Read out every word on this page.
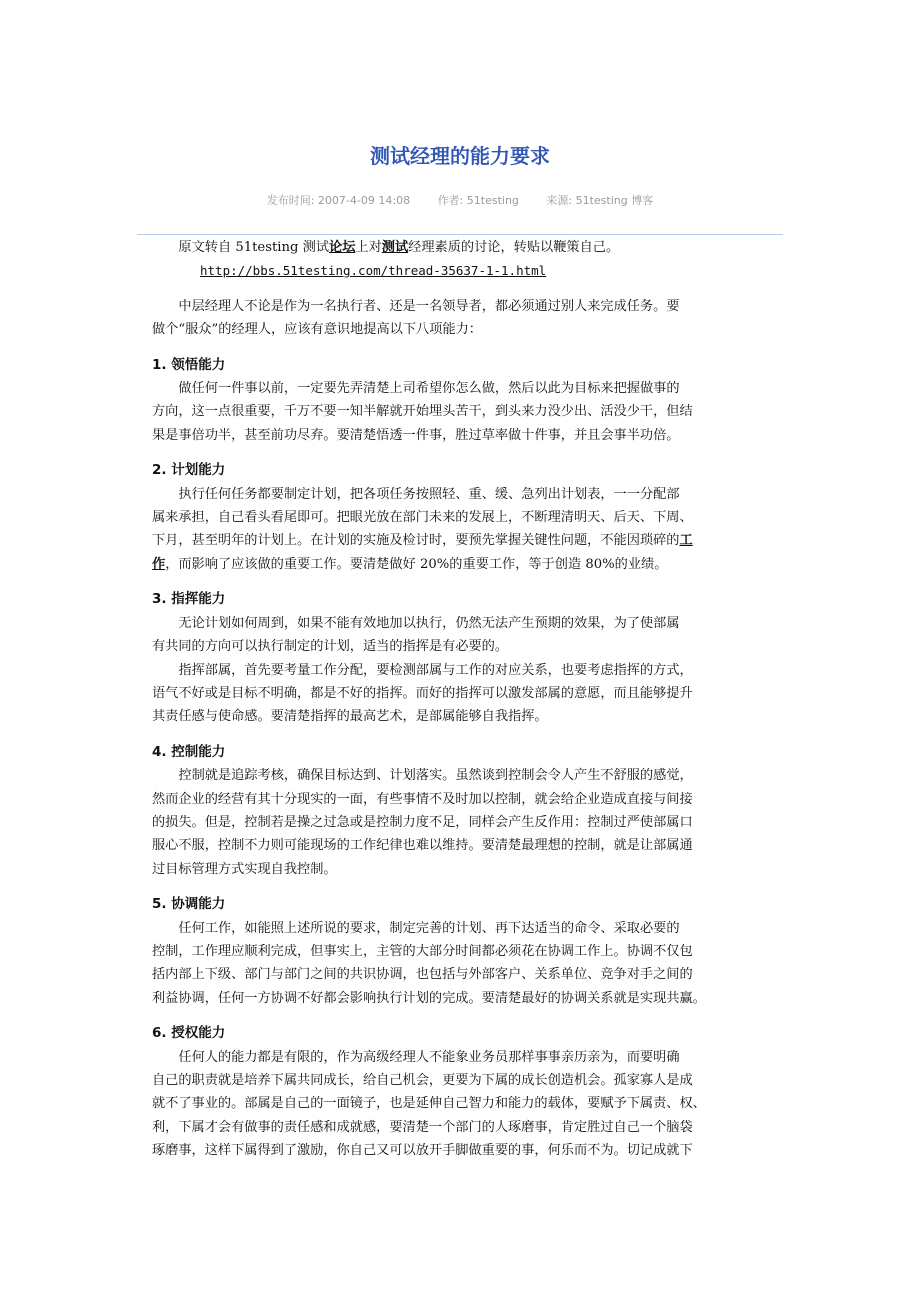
测试经理的能力要求
发布时间: 2007-4-09 14:08	作者: 51testing	来源: 51testing 博客

原文转自 51testing 测试论坛上对测试经理素质的讨论，转贴以鞭策自己。

http://bbs.51testing.com/thread-35637-1-1.html

中层经理人不论是作为一名执行者、还是一名领导者，都必须通过别人来完成任务。要

做个“服众”的经理人，应该有意识地提高以下八项能力：

1. 领悟能力

做任何一件事以前，一定要先弄清楚上司希望你怎么做，然后以此为目标来把握做事的
方向，这一点很重要，千万不要一知半解就开始埋头苦干，到头来力没少出、活没少干，但结
果是事倍功半，甚至前功尽弃。要清楚悟透一件事，胜过草率做十件事，并且会事半功倍。

2. 计划能力

执行任何任务都要制定计划，把各项任务按照轻、重、缓、急列出计划表，一一分配部
属来承担，自己看头看尾即可。把眼光放在部门未来的发展上，不断理清明天、后天、下周、
下月，甚至明年的计划上。在计划的实施及检讨时，要预先掌握关键性问题，不能因琐碎的工
作，而影响了应该做的重要工作。要清楚做好 20%的重要工作，等于创造 80%的业绩。

3. 指挥能力

无论计划如何周到，如果不能有效地加以执行，仍然无法产生预期的效果，为了使部属
有共同的方向可以执行制定的计划，适当的指挥是有必要的。
指挥部属，首先要考量工作分配，要检测部属与工作的对应关系，也要考虑指挥的方式，
语气不好或是目标不明确，都是不好的指挥。而好的指挥可以激发部属的意愿，而且能够提升
其责任感与使命感。要清楚指挥的最高艺术，是部属能够自我指挥。

4. 控制能力

控制就是追踪考核，确保目标达到、计划落实。虽然谈到控制会令人产生不舒服的感觉，
然而企业的经营有其十分现实的一面，有些事情不及时加以控制，就会给企业造成直接与间接
的损失。但是，控制若是操之过急或是控制力度不足，同样会产生反作用：控制过严使部属口
服心不服，控制不力则可能现场的工作纪律也难以维持。要清楚最理想的控制，就是让部属通
过目标管理方式实现自我控制。

5. 协调能力

任何工作，如能照上述所说的要求，制定完善的计划、再下达适当的命令、采取必要的
控制，工作理应顺利完成，但事实上，主管的大部分时间都必须花在协调工作上。协调不仅包
括内部上下级、部门与部门之间的共识协调，也包括与外部客户、关系单位、竞争对手之间的
利益协调，任何一方协调不好都会影响执行计划的完成。要清楚最好的协调关系就是实现共赢。

6. 授权能力

任何人的能力都是有限的，作为高级经理人不能象业务员那样事事亲历亲为，而要明确
自己的职责就是培养下属共同成长，给自己机会，更要为下属的成长创造机会。孤家寡人是成
就不了事业的。部属是自己的一面镜子，也是延伸自己智力和能力的载体，要赋予下属责、权、
利，下属才会有做事的责任感和成就感，要清楚一个部门的人琢磨事，肯定胜过自己一个脑袋
琢磨事，这样下属得到了激励，你自己又可以放开手脚做重要的事，何乐而不为。切记成就下
